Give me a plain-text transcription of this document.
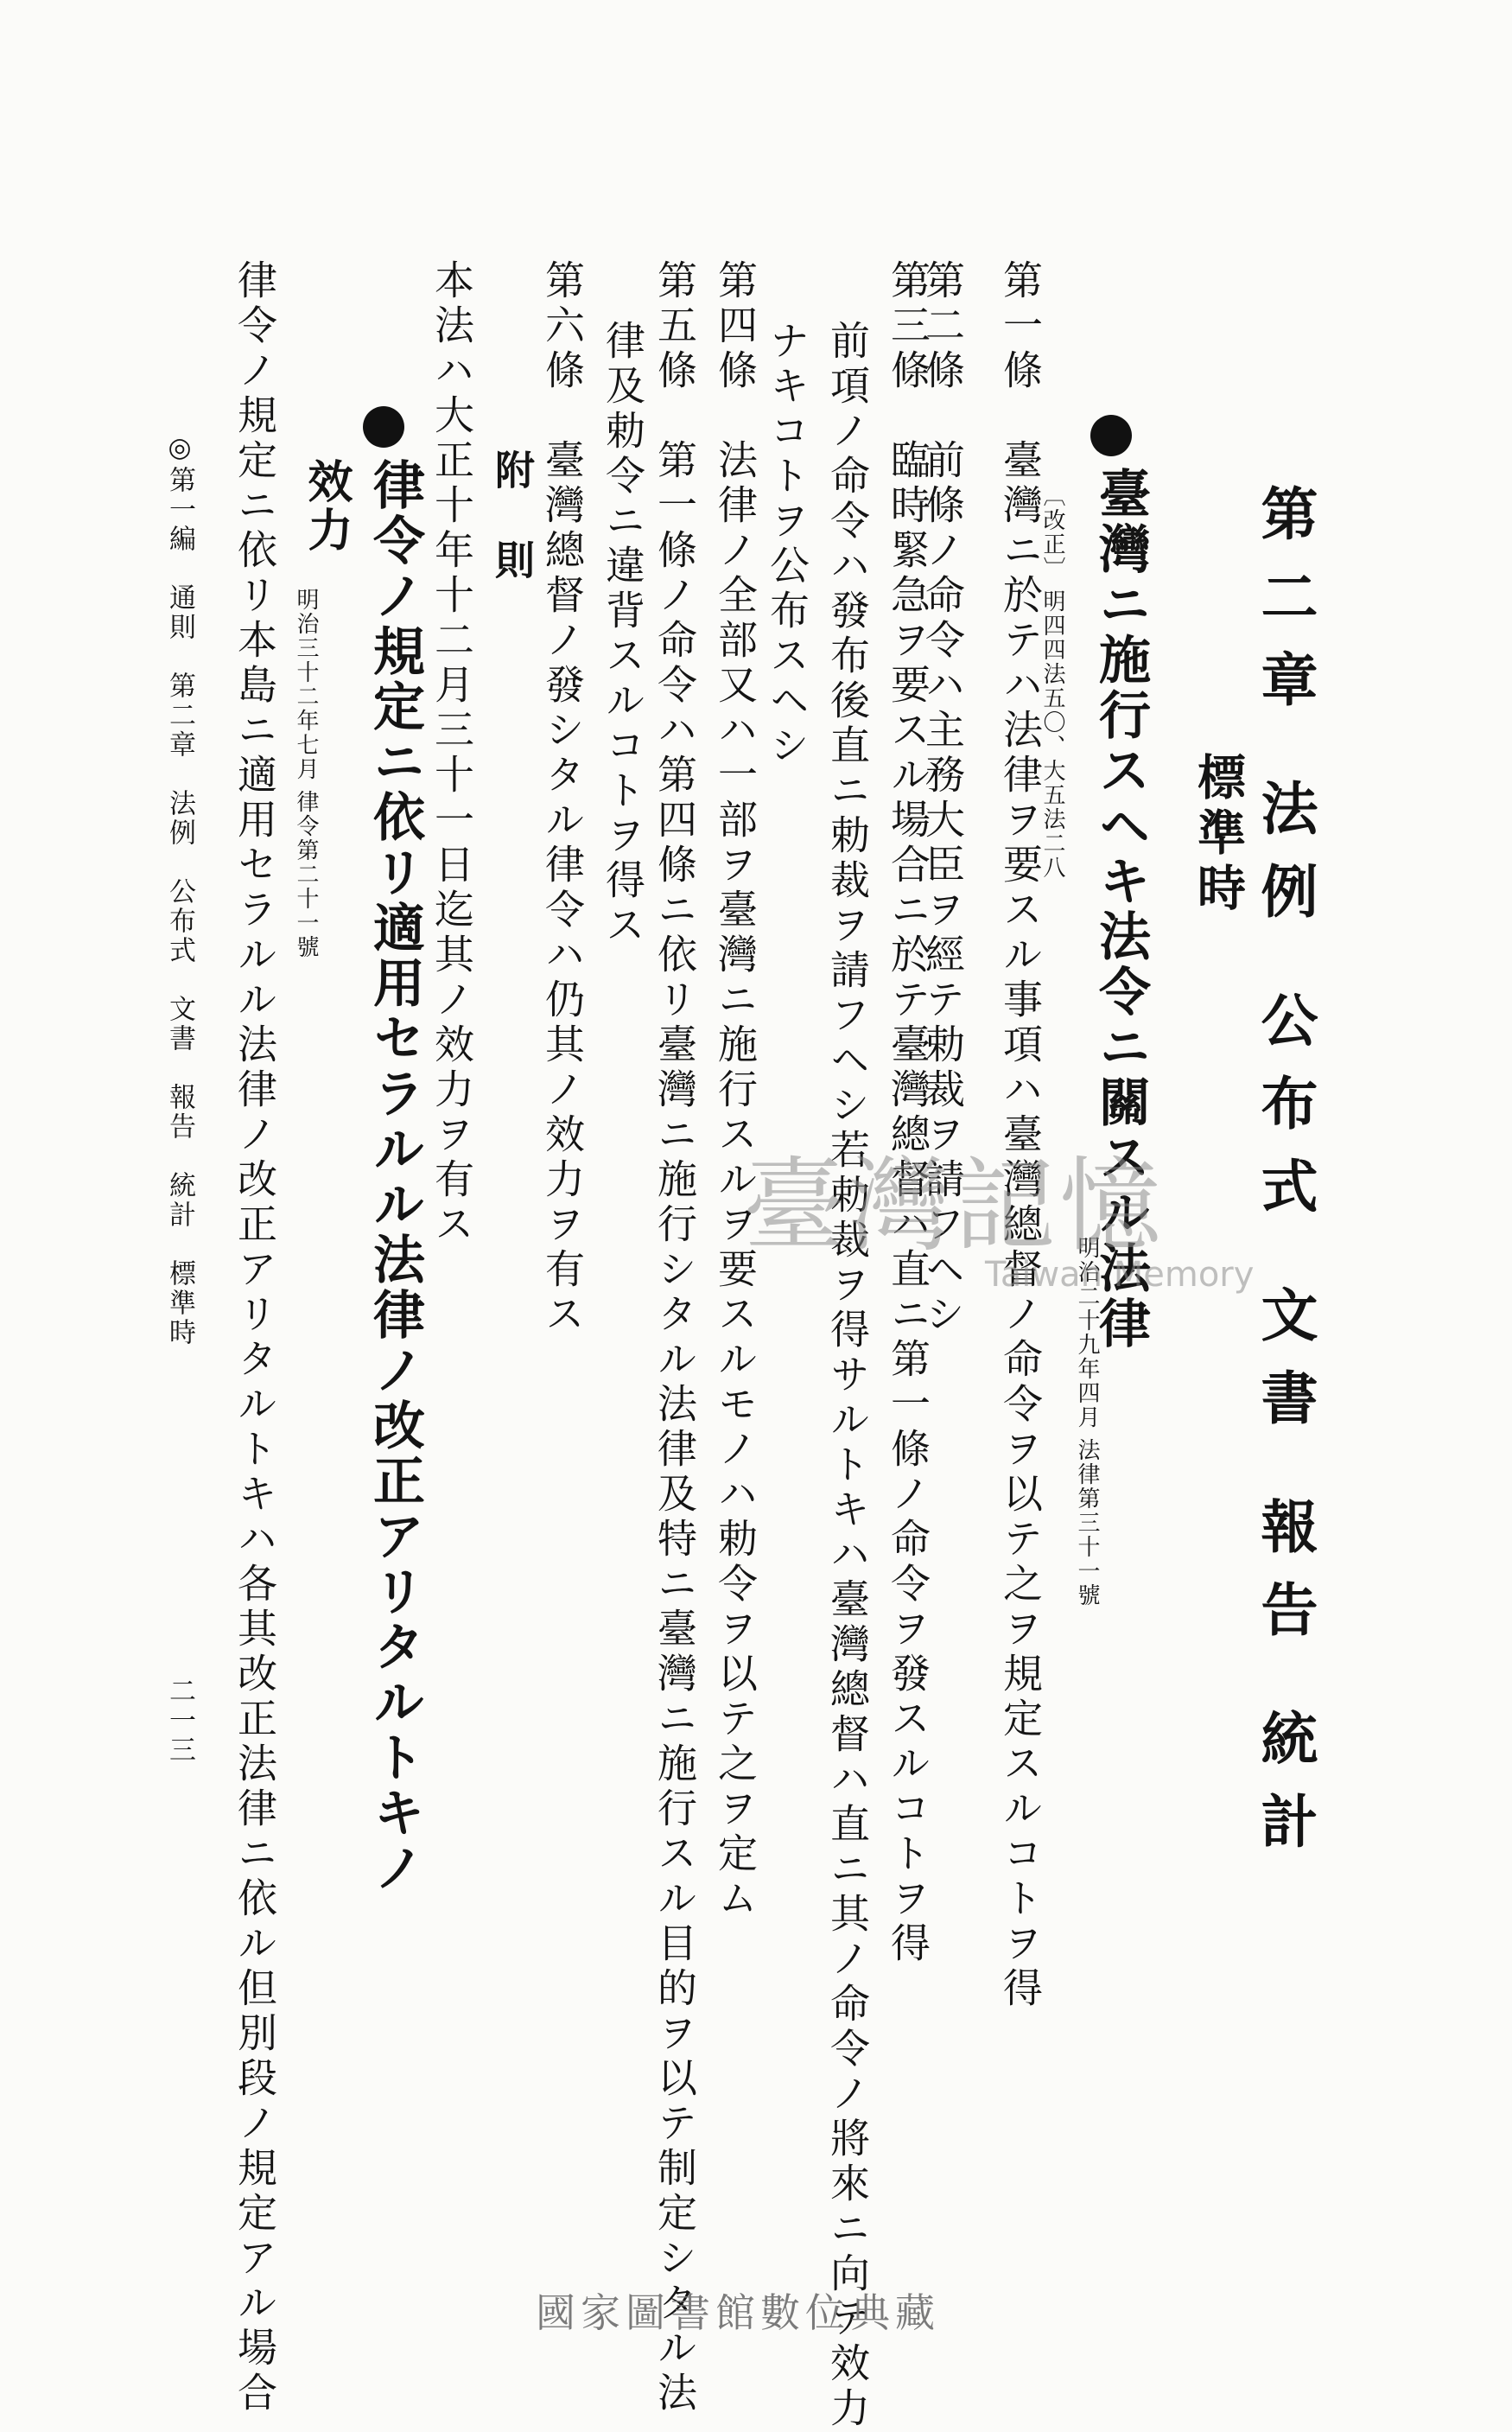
第二章 法例 公布式 文書 報告 統計
標準時
臺灣ニ施行スヘキ法令ニ關スル法律
明治二十九年四月 法律第三十一號
〔改正〕 明四四法五〇、大五法二八
第一條　臺灣ニ於テハ法律ヲ要スル事項ハ臺灣總督ノ命令ヲ以テ之ヲ規定スルコトヲ得
第二條　前條ノ命令ハ主務大臣ヲ經テ勅裁ヲ請フヘシ
第三條　臨時緊急ヲ要スル場合ニ於テ臺灣總督ハ直ニ第一條ノ命令ヲ發スルコトヲ得
前項ノ命令ハ發布後直ニ勅裁ヲ請フヘシ若勅裁ヲ得サルトキハ臺灣總督ハ直ニ其ノ命令ノ將來ニ向テ效力
ナキコトヲ公布スヘシ
第四條　法律ノ全部又ハ一部ヲ臺灣ニ施行スルヲ要スルモノハ勅令ヲ以テ之ヲ定ム
第五條　第一條ノ命令ハ第四條ニ依リ臺灣ニ施行シタル法律及特ニ臺灣ニ施行スル目的ヲ以テ制定シタル法
律及勅令ニ違背スルコトヲ得ス
第六條　臺灣總督ノ發シタル律令ハ仍其ノ效力ヲ有ス
附　則
本法ハ大正十年十二月三十一日迄其ノ效力ヲ有ス
律令ノ規定ニ依リ適用セラルル法律ノ改正アリタルトキノ
效力
明治三十二年七月 律令第二十一號
律令ノ規定ニ依リ本島ニ適用セラルル法律ノ改正アリタルトキハ各其改正法律ニ依ル但別段ノ規定アル場合
◎第一編　通則　第二章　法例　公布式　文書　報告　統計　標準時
二一三
臺灣記憶
Taiwan Memory
國家圖書館數位典藏
